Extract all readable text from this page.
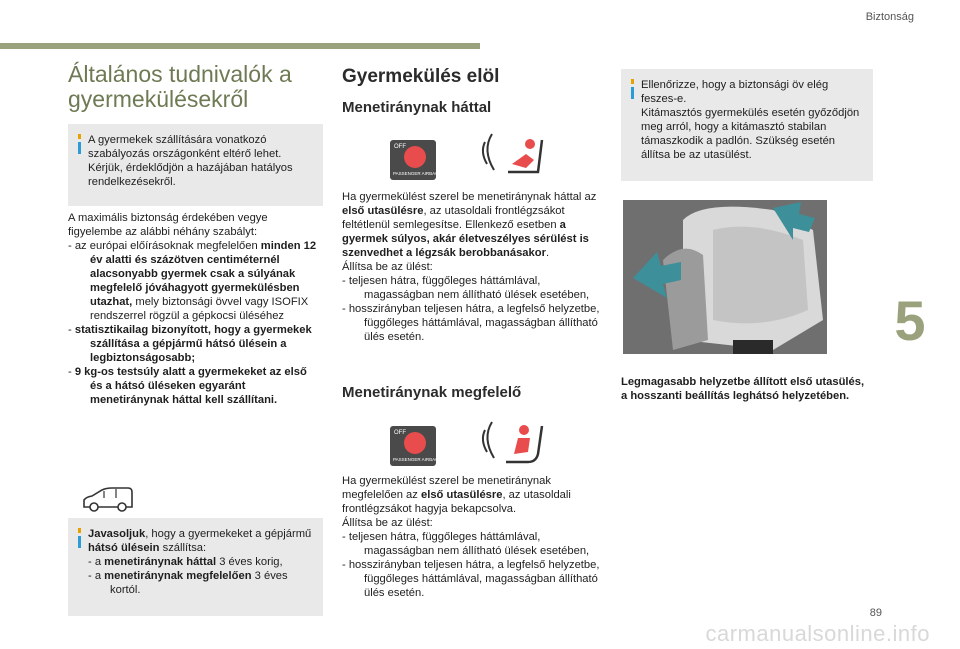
Biztonság
5
89
carmanualsonline.info
Általános tudnivalók a gyermekülésekről
A gyermekek szállítására vonatkozó szabályozás országonként eltérő lehet. Kérjük, érdeklődjön a hazájában hatályos rendelkezésekről.

A maximális biztonság érdekében vegye figyelembe az alábbi néhány szabályt:

- az európai előírásoknak megfelelően minden 12 év alatti és százötven centiméternél alacsonyabb gyermek csak a súlyának megfelelő jóváhagyott gyermekülésben utazhat, mely biztonsági övvel vagy ISOFIX rendszerrel rögzül a gépkocsi üléséhez

- statisztikailag bizonyított, hogy a gyermekek szállítása a gépjármű hátsó ülésein a legbiztonságosabb;

- 9 kg-os testsúly alatt a gyermekeket az első és a hátsó üléseken egyaránt menetiránynak háttal kell szállítani.

Javasoljuk, hogy a gyermekeket a gépjármű hátsó ülésein szállítsa:
- a menetiránynak háttal 3 éves korig,
- a menetiránynak megfelelően 3 éves kortól.
Gyermekülés elöl
Menetiránynak háttal
OFF
PASSENGER AIRBAG

Ha gyermekülést szerel be menetiránynak háttal az első utasülésre, az utasoldali frontlégzsákot feltétlenül semlegesítse. Ellenkező esetben a gyermek súlyos, akár életveszélyes sérülést is szenvedhet a légzsák berobbanásakor.

Állítsa be az ülést:

- teljesen hátra, függőleges háttámlával, magasságban nem állítható ülések esetében,

- hosszirányban teljesen hátra, a legfelső helyzetbe, függőleges háttámlával, magasságban állítható ülés esetén.

Menetiránynak megfelelő
OFF
PASSENGER AIRBAG

Ha gyermekülést szerel be menetiránynak megfelelően az első utasülésre, az utasoldali frontlégzsákot hagyja bekapcsolva.

Állítsa be az ülést:

- teljesen hátra, függőleges háttámlával, magasságban nem állítható ülések esetében,

- hosszirányban teljesen hátra, a legfelső helyzetbe, függőleges háttámlával, magasságban állítható ülés esetén.

Ellenőrizze, hogy a biztonsági öv elég feszes-e.
Kitámasztós gyermekülés esetén győződjön meg arról, hogy a kitámasztó stabilan támaszkodik a padlón. Szükség esetén állítsa be az utasülést.
Legmagasabb helyzetbe állított első utasülés, a hosszanti beállítás leghátsó helyzetében.
